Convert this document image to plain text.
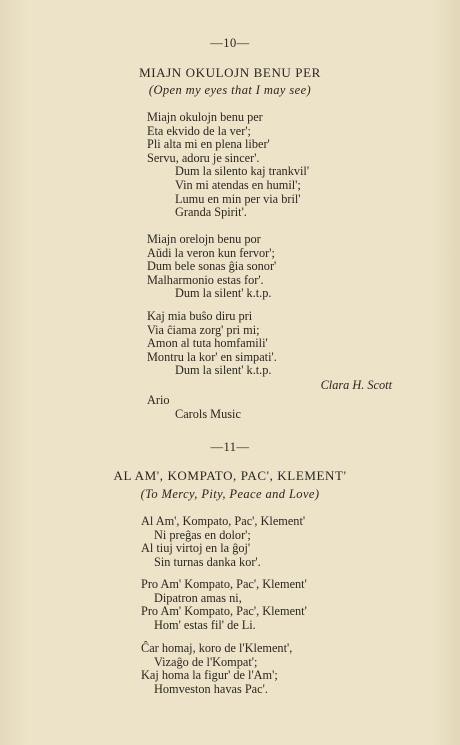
—10—
MIAJN OKULOJN BENU PER
(Open my eyes that I may see)
Miajn okulojn benu per
Eta ekvido de la ver';
Pli alta mi en plena liber'
Servu, adoru je sincer'.
Dum la silento kaj trankvil'
Vin mi atendas en humil';
Lumu en min per via bril'
Granda Spirit'.
Miajn orelojn benu por
Aŭdi la veron kun fervor';
Dum bele sonas ĝia sonor'
Malharmonio estas for'.
Dum la silent' k.t.p.
Kaj mia buŝo diru pri
Via ĉiama zorg' pri mi;
Amon al tuta homfamili'
Montru la kor' en simpati'.
Dum la silent' k.t.p.
Clara H. Scott
Ario
Carols Music
—11—
AL AM', KOMPATO, PAC', KLEMENT'
(To Mercy, Pity, Peace and Love)
Al Am', Kompato, Pac', Klement'
Ni preĝas en dolor';
Al tiuj virtoj en la ĝoj'
Sin turnas danka kor'.
Pro Am' Kompato, Pac', Klement'
Dipatron amas ni,
Pro Am' Kompato, Pac', Klement'
Hom' estas fil' de Li.
Ĉar homaj, koro de l'Klement',
Vizaĝo de l'Kompat';
Kaj homa la figur' de l'Am';
Homveston havas Pac'.
